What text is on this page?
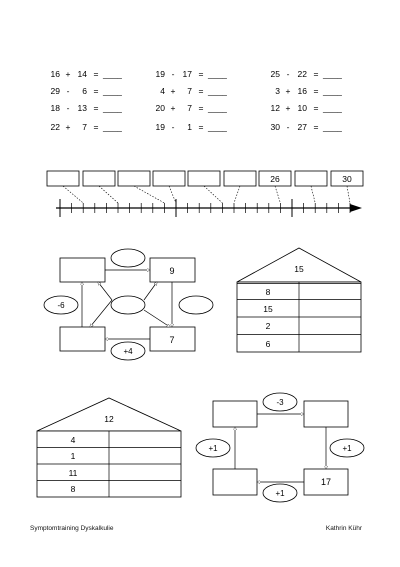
16 + 14 = ____
29 - 6 = ____
18 - 13 = ____
22 + 7 = ____
19 - 17 = ____
4 + 7 = ____
20 + 7 = ____
19 - 1 = ____
25 - 22 = ____
3 + 16 = ____
12 + 10 = ____
30 - 27 = ____
26	30
9
7
-6
+4
15
8
15
2
6
12
4
1
11
8
17
-3
+1	+1
+1
Symptomtraining Dyskalkulie	Kathrin Kühr
